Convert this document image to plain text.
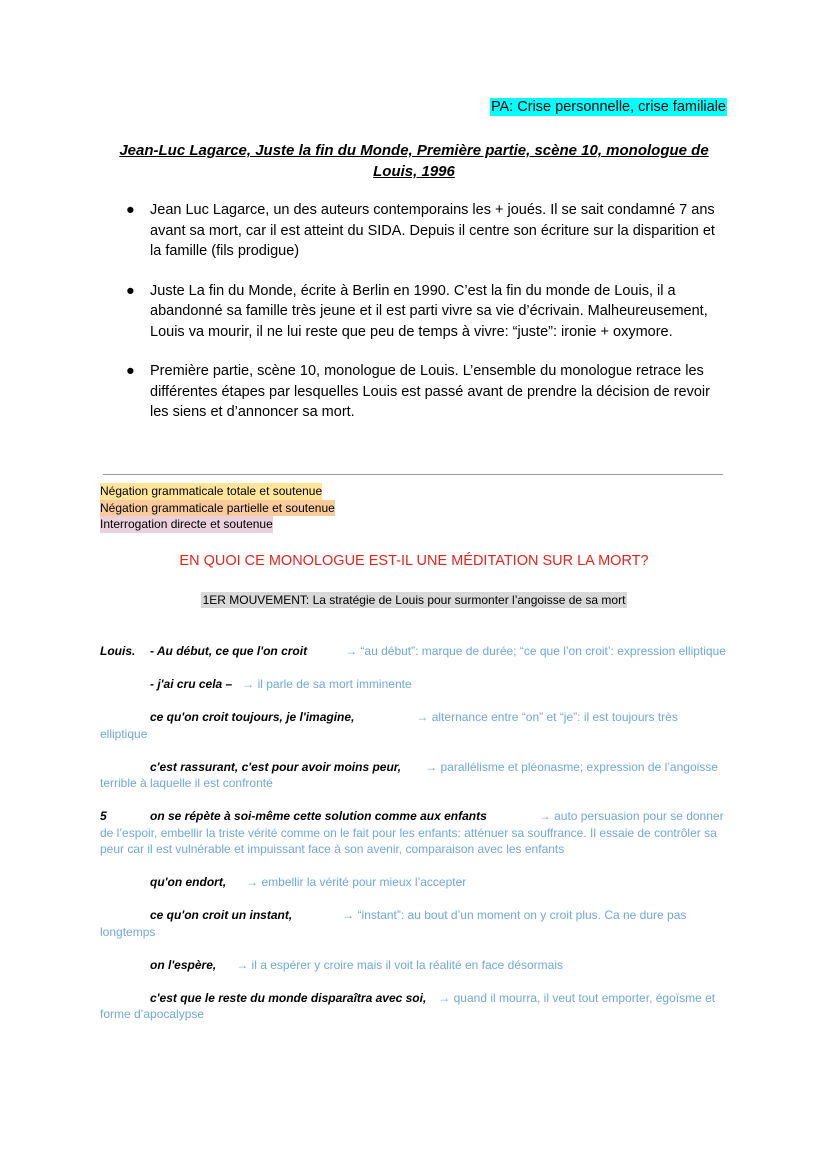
PA: Crise personnelle, crise familiale
Jean-Luc Lagarce, Juste la fin du Monde, Première partie, scène 10, monologue de Louis, 1996
● Jean Luc Lagarce, un des auteurs contemporains les + joués. Il se sait condamné 7 ans avant sa mort, car il est atteint du SIDA. Depuis il centre son écriture sur la disparition et la famille (fils prodigue)
● Juste La fin du Monde, écrite à Berlin en 1990. C’est la fin du monde de Louis, il a abandonné sa famille très jeune et il est parti vivre sa vie d’écrivain. Malheureusement, Louis va mourir, il ne lui reste que peu de temps à vivre: “juste”: ironie + oxymore.
● Première partie, scène 10, monologue de Louis. L’ensemble du monologue retrace les différentes étapes par lesquelles Louis est passé avant de prendre la décision de revoir les siens et d’annoncer sa mort.
Négation grammaticale totale et soutenue
Négation grammaticale partielle et soutenue
Interrogation directe et soutenue
EN QUOI CE MONOLOGUE EST-IL UNE MÉDITATION SUR LA MORT?
1ER MOUVEMENT: La stratégie de Louis pour surmonter l’angoisse de sa mort
Louis. - Au début, ce que l'on croit	→ “au début”: marque de durée; “ce que l’on croit’: expression elliptique
- j'ai cru cela – → il parle de sa mort imminente
ce qu'on croit toujours, je l'imagine,	→ alternance entre “on” et “je”: il est toujours très elliptique
c'est rassurant, c'est pour avoir moins peur, → parallélisme et pléonasme; expression de l’angoisse terrible à laquelle il est confronté
5	on se répète à soi-même cette solution comme aux enfants	→ auto persuasion pour se donner de l’espoir, embellir la triste vérité comme on le fait pour les enfants: atténuer sa souffrance. Il essaie de contrôler sa peur car il est vulnérable et impuissant face à son avenir, comparaison avec les enfants
qu'on endort, → embellir la vérité pour mieux l’accepter
ce qu'on croit un instant,	→ “instant”: au bout d’un moment on y croit plus. Ca ne dure pas longtemps
on l'espère, → il a espérer y croire mais il voit la réalité en face désormais
c'est que le reste du monde disparaîtra avec soi, → quand il mourra, il veut tout emporter, égoïsme et forme d’apocalypse
